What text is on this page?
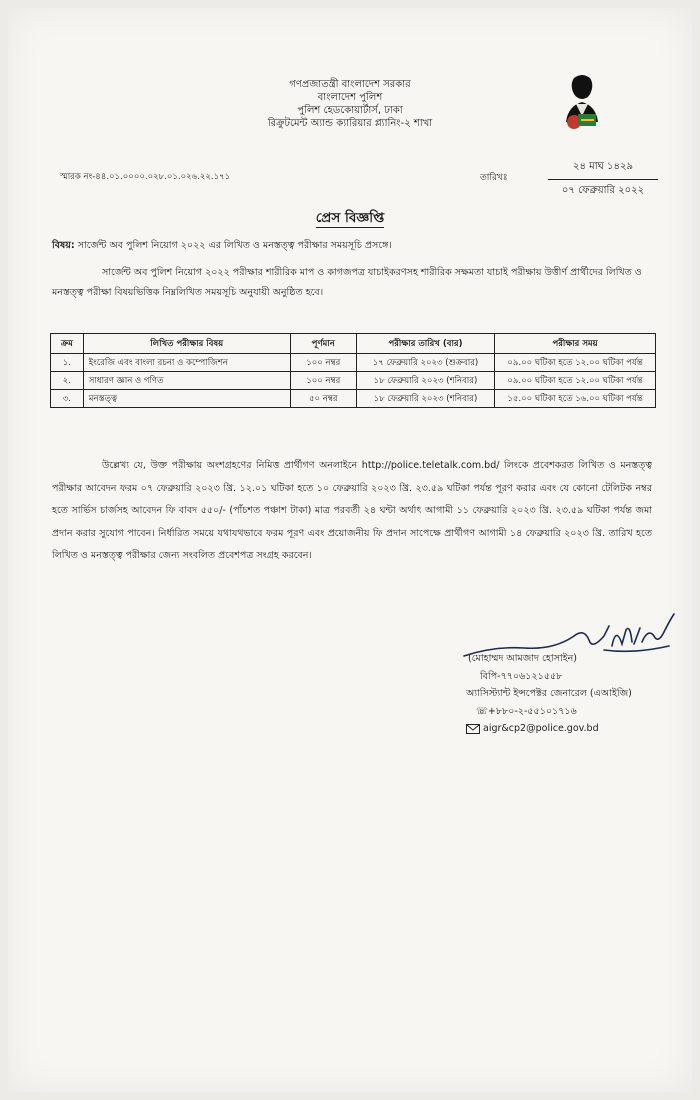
গণপ্রজাতন্ত্রী বাংলাদেশ সরকার
বাংলাদেশ পুলিশ
পুলিশ হেডকোয়ার্টার্স, ঢাকা
রিক্রুটমেন্ট অ্যান্ড ক্যারিয়ার প্ল্যানিং-২ শাখা
স্মারক নং-৪৪.০১.০০০০.০২৮.০১.০২৬.২২.১৭১	তারিখঃ
২৪ মাঘ ১৪২৯
০৭ ফেব্রুয়ারি ২০২২
প্রেস বিজ্ঞপ্তি
বিষয়: সার্জেন্ট অব পুলিশ নিয়োগ ২০২২ এর লিখিত ও মনস্তত্ত্ব পরীক্ষার সময়সূচি প্রসঙ্গে।
সার্জেন্ট অব পুলিশ নিয়োগ ২০২২ পরীক্ষার শারীরিক মাপ ও কাগজপত্র যাচাইকরণসহ শারীরিক সক্ষমতা যাচাই পরীক্ষায় উত্তীর্ণ প্রার্থীদের লিখিত ও মনস্তত্ত্ব পরীক্ষা বিষয়ভিত্তিক নিম্নলিখিত সময়সূচি অনুযায়ী অনুষ্ঠিত হবে।
ক্রম	লিখিত পরীক্ষার বিষয়	পূর্ণমান	পরীক্ষার তারিখ (বার)	পরীক্ষার সময়
১.	ইংরেজি এবং বাংলা রচনা ও কম্পোজিশন	১০০ নম্বর	১৭ ফেব্রুয়ারি ২০২৩ (শুক্রবার)	০৯.০০ ঘটিকা হতে ১২.০০ ঘটিকা পর্যন্ত
২.	সাধারণ জ্ঞান ও গণিত	১০০ নম্বর	১৮ ফেব্রুয়ারি ২০২৩ (শনিবার)	০৯.০০ ঘটিকা হতে ১২.০০ ঘটিকা পর্যন্ত
৩.	মনস্তত্ত্ব	৫০ নম্বর	১৮ ফেব্রুয়ারি ২০২৩ (শনিবার)	১৫.০০ ঘটিকা হতে ১৬.০০ ঘটিকা পর্যন্ত
উল্লেখ্য যে, উক্ত পরীক্ষায় অংশগ্রহণের নিমিত্ত প্রার্থীগণ অনলাইনে http://police.teletalk.com.bd/ লিংকে প্রবেশকরত লিখিত ও মনস্তত্ত্ব পরীক্ষার আবেদন ফরম ০৭ ফেব্রুয়ারি ২০২৩ খ্রি. ১২.০১ ঘটিকা হতে ১০ ফেব্রুয়ারি ২০২৩ খ্রি. ২৩.৫৯ ঘটিকা পর্যন্ত পূরণ করার এবং যে কোনো টেলিটক নম্বর হতে সার্ভিস চার্জসহ আবেদন ফি বাবদ ৫৫০/- (পাঁচশত পঞ্চাশ টাকা) মাত্র পরবর্তী ২৪ ঘন্টা অর্থাৎ আগামী ১১ ফেব্রুয়ারি ২০২৩ খ্রি. ২৩.৫৯ ঘটিকা পর্যন্ত জমা প্রদান করার সুযোগ পাবেন। নির্ধারিত সময়ে যথাযথভাবে ফরম পূরণ এবং প্রয়োজনীয় ফি প্রদান সাপেক্ষে প্রার্থীগণ আগামী ১৪ ফেব্রুয়ারি ২০২৩ খ্রি. তারিখ হতে লিখিত ও মনস্তত্ত্ব পরীক্ষার জেন্য সংবলিত প্রবেশপত্র সংগ্রহ করবেন।
(মোহাম্মদ আমজাদ হোসাইন)
বিপি-৭৭০৬১২১৫৫৮
অ্যাসিস্ট্যান্ট ইন্সপেক্টর জেনারেল (এআইজি)
☏+৮৮০-২-৫৫১০১৭১৬
aigr&cp2@police.gov.bd
